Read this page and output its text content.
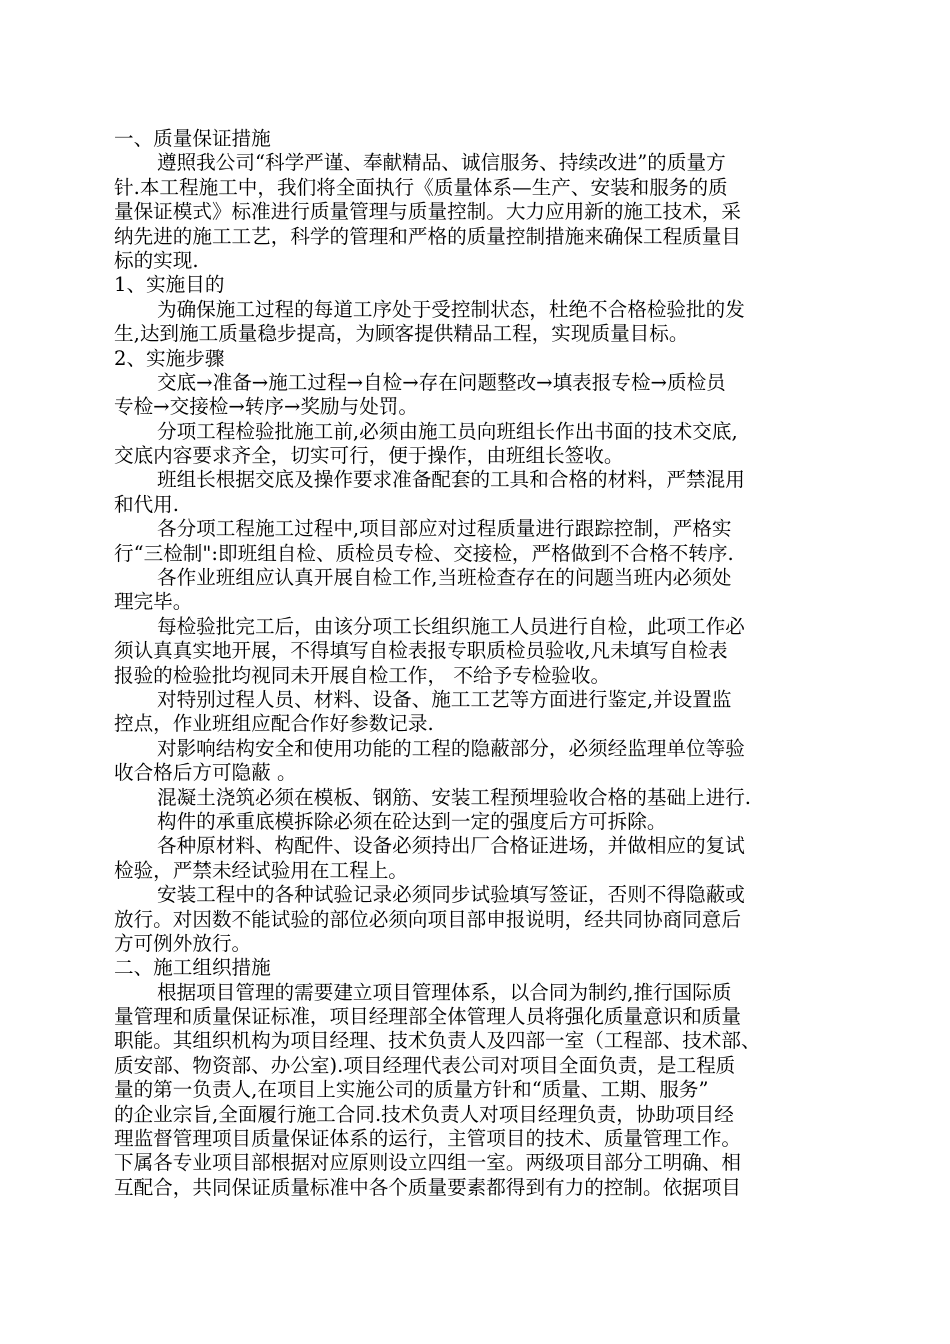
一、质量保证措施
遵照我公司“科学严谨、奉献精品、诚信服务、持续改进”的质量方
针.本工程施工中，我们将全面执行《质量体系—生产、安装和服务的质
量保证模式》标准进行质量管理与质量控制。大力应用新的施工技术，采
纳先进的施工工艺，科学的管理和严格的质量控制措施来确保工程质量目
标的实现.
1、实施目的
为确保施工过程的每道工序处于受控制状态，杜绝不合格检验批的发
生,达到施工质量稳步提高，为顾客提供精品工程，实现质量目标。
2、实施步骤
交底→准备→施工过程→自检→存在问题整改→填表报专检→质检员
专检→交接检→转序→奖励与处罚。
分项工程检验批施工前,必须由施工员向班组长作出书面的技术交底,
交底内容要求齐全，切实可行，便于操作，由班组长签收。
班组长根据交底及操作要求准备配套的工具和合格的材料，严禁混用
和代用.
各分项工程施工过程中,项目部应对过程质量进行跟踪控制，严格实
行“三检制":即班组自检、质检员专检、交接检，严格做到不合格不转序.
各作业班组应认真开展自检工作,当班检查存在的问题当班内必须处
理完毕。
每检验批完工后，由该分项工长组织施工人员进行自检，此项工作必
须认真真实地开展，不得填写自检表报专职质检员验收,凡未填写自检表
报验的检验批均视同未开展自检工作， 不给予专检验收。
对特别过程人员、材料、设备、施工工艺等方面进行鉴定,并设置监
控点，作业班组应配合作好参数记录.
对影响结构安全和使用功能的工程的隐蔽部分，必须经监理单位等验
收合格后方可隐蔽 。
混凝土浇筑必须在模板、钢筋、安装工程预埋验收合格的基础上进行.
构件的承重底模拆除必须在砼达到一定的强度后方可拆除。
各种原材料、构配件、设备必须持出厂合格证进场，并做相应的复试
检验，严禁未经试验用在工程上。
安装工程中的各种试验记录必须同步试验填写签证，否则不得隐蔽或
放行。对因数不能试验的部位必须向项目部申报说明，经共同协商同意后
方可例外放行。
二、施工组织措施
根据项目管理的需要建立项目管理体系，以合同为制约,推行国际质
量管理和质量保证标准，项目经理部全体管理人员将强化质量意识和质量
职能。其组织机构为项目经理、技术负责人及四部一室（工程部、技术部、
质安部、物资部、办公室).项目经理代表公司对项目全面负责，是工程质
量的第一负责人,在项目上实施公司的质量方针和“质量、工期、服务”
的企业宗旨,全面履行施工合同.技术负责人对项目经理负责，协助项目经
理监督管理项目质量保证体系的运行，主管项目的技术、质量管理工作。
下属各专业项目部根据对应原则设立四组一室。两级项目部分工明确、相
互配合，共同保证质量标准中各个质量要素都得到有力的控制。依据项目
